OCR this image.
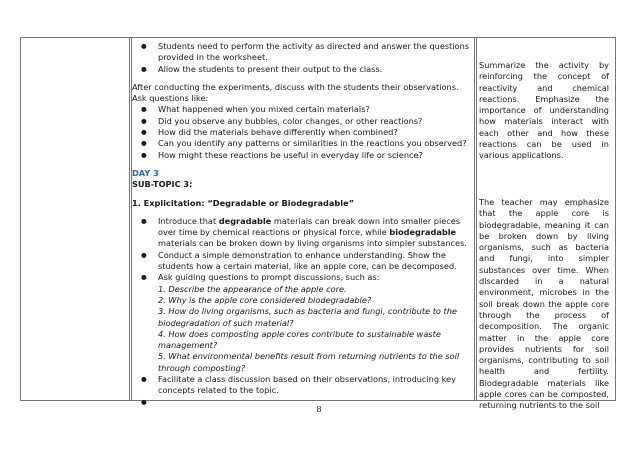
● Students need to perform the activity as directed and answer the questions provided in the worksheet.
● Allow the students to present their output to the class.

After conducting the experiments, discuss with the students their observations. Ask questions like:

● What happened when you mixed certain materials?
● Did you observe any bubbles, color changes, or other reactions?
● How did the materials behave differently when combined?
● Can you identify any patterns or similarities in the reactions you observed?
● How might these reactions be useful in everyday life or science?

DAY 3

SUB-TOPIC 3:

1. Explicitation: “Degradable or Biodegradable”

● Introduce that degradable materials can break down into smaller pieces over time by chemical reactions or physical force, while biodegradable materials can be broken down by living organisms into simpler substances.
● Conduct a simple demonstration to enhance understanding. Show the students how a certain material, like an apple core, can be decomposed.
● Ask guiding questions to prompt discussions, such as:
1. Describe the appearance of the apple core.
2. Why is the apple core considered biodegradable?
3. How do living organisms, such as bacteria and fungi, contribute to the biodegradation of such material?
4. How does composting apple cores contribute to sustainable waste management?
5. What environmental benefits result from returning nutrients to the soil through composting?
● Facilitate a class discussion based on their observations, introducing key concepts related to the topic.
Summarize the activity by reinforcing the concept of reactivity and chemical reactions. Emphasize the importance of understanding how materials interact with each other and how these reactions can be used in various applications.
The teacher may emphasize that the apple core is biodegradable, meaning it can be broken down by living organisms, such as bacteria and fungi, into simpler substances over time. When discarded in a natural environment, microbes in the soil break down the apple core through the process of decomposition. The organic matter in the apple core provides nutrients for soil organisms, contributing to soil health and fertility. Biodegradable materials like apple cores can be composted, returning nutrients to the soil
8
